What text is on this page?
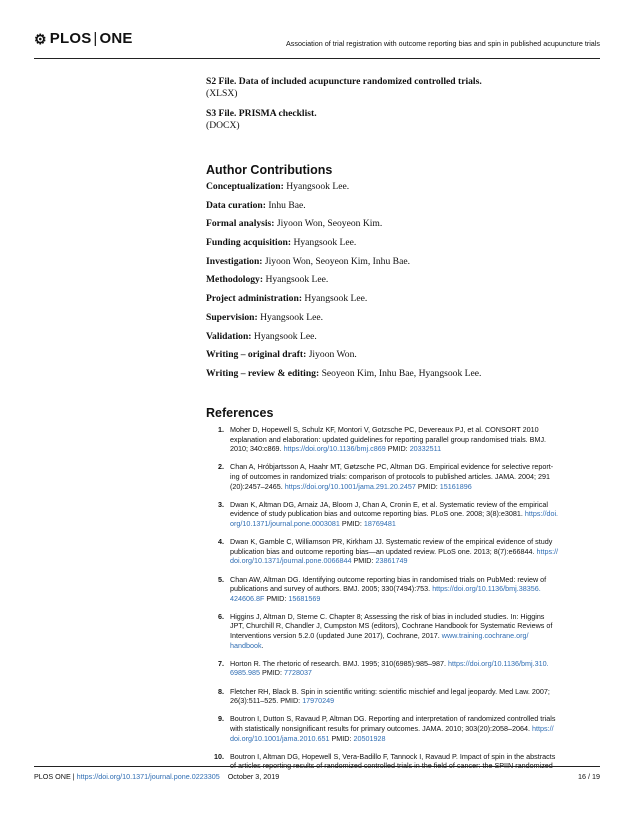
⚙ PLOS | ONE	Association of trial registration with outcome reporting bias and spin in published acupuncture trials
S2 File. Data of included acupuncture randomized controlled trials.
(XLSX)
S3 File. PRISMA checklist.
(DOCX)
Author Contributions
Conceptualization: Hyangsook Lee.
Data curation: Inhu Bae.
Formal analysis: Jiyoon Won, Seoyeon Kim.
Funding acquisition: Hyangsook Lee.
Investigation: Jiyoon Won, Seoyeon Kim, Inhu Bae.
Methodology: Hyangsook Lee.
Project administration: Hyangsook Lee.
Supervision: Hyangsook Lee.
Validation: Hyangsook Lee.
Writing – original draft: Jiyoon Won.
Writing – review & editing: Seoyeon Kim, Inhu Bae, Hyangsook Lee.
References
1. Moher D, Hopewell S, Schulz KF, Montori V, Gotzsche PC, Devereaux PJ, et al. CONSORT 2010
explanation and elaboration: updated guidelines for reporting parallel group randomised trials. BMJ.
2010; 340:c869. https://doi.org/10.1136/bmj.c869 PMID: 20332511
2. Chan A, Hróbjartsson A, Haahr MT, Gøtzsche PC, Altman DG. Empirical evidence for selective report-
ing of outcomes in randomized trials: comparison of protocols to published articles. JAMA. 2004; 291
(20):2457–2465. https://doi.org/10.1001/jama.291.20.2457 PMID: 15161896
3. Dwan K, Altman DG, Arnaiz JA, Bloom J, Chan A, Cronin E, et al. Systematic review of the empirical
evidence of study publication bias and outcome reporting bias. PLoS one. 2008; 3(8):e3081. https://doi.
org/10.1371/journal.pone.0003081 PMID: 18769481
4. Dwan K, Gamble C, Williamson PR, Kirkham JJ. Systematic review of the empirical evidence of study
publication bias and outcome reporting bias—an updated review. PLoS one. 2013; 8(7):e66844. https://
doi.org/10.1371/journal.pone.0066844 PMID: 23861749
5. Chan AW, Altman DG. Identifying outcome reporting bias in randomised trials on PubMed: review of
publications and survey of authors. BMJ. 2005; 330(7494):753. https://doi.org/10.1136/bmj.38356.
424606.8F PMID: 15681569
6. Higgins J, Altman D, Sterne C. Chapter 8; Assessing the risk of bias in included studies. In: Higgins
JPT, Churchill R, Chandler J, Cumpston MS (editors), Cochrane Handbook for Systematic Reviews of
Interventions version 5.2.0 (updated June 2017), Cochrane, 2017. www.training.cochrane.org/
handbook.
7. Horton R. The rhetoric of research. BMJ. 1995; 310(6985):985–987. https://doi.org/10.1136/bmj.310.
6985.985 PMID: 7728037
8. Fletcher RH, Black B. Spin in scientific writing: scientific mischief and legal jeopardy. Med Law. 2007;
26(3):511–525. PMID: 17970249
9. Boutron I, Dutton S, Ravaud P, Altman DG. Reporting and interpretation of randomized controlled trials
with statistically nonsignificant results for primary outcomes. JAMA. 2010; 303(20):2058–2064. https://
doi.org/10.1001/jama.2010.651 PMID: 20501928
10. Boutron I, Altman DG, Hopewell S, Vera-Badillo F, Tannock I, Ravaud P. Impact of spin in the abstracts
of articles reporting results of randomized controlled trials in the field of cancer: the SPIIN randomized
PLOS ONE | https://doi.org/10.1371/journal.pone.0223305 October 3, 2019	16 / 19
